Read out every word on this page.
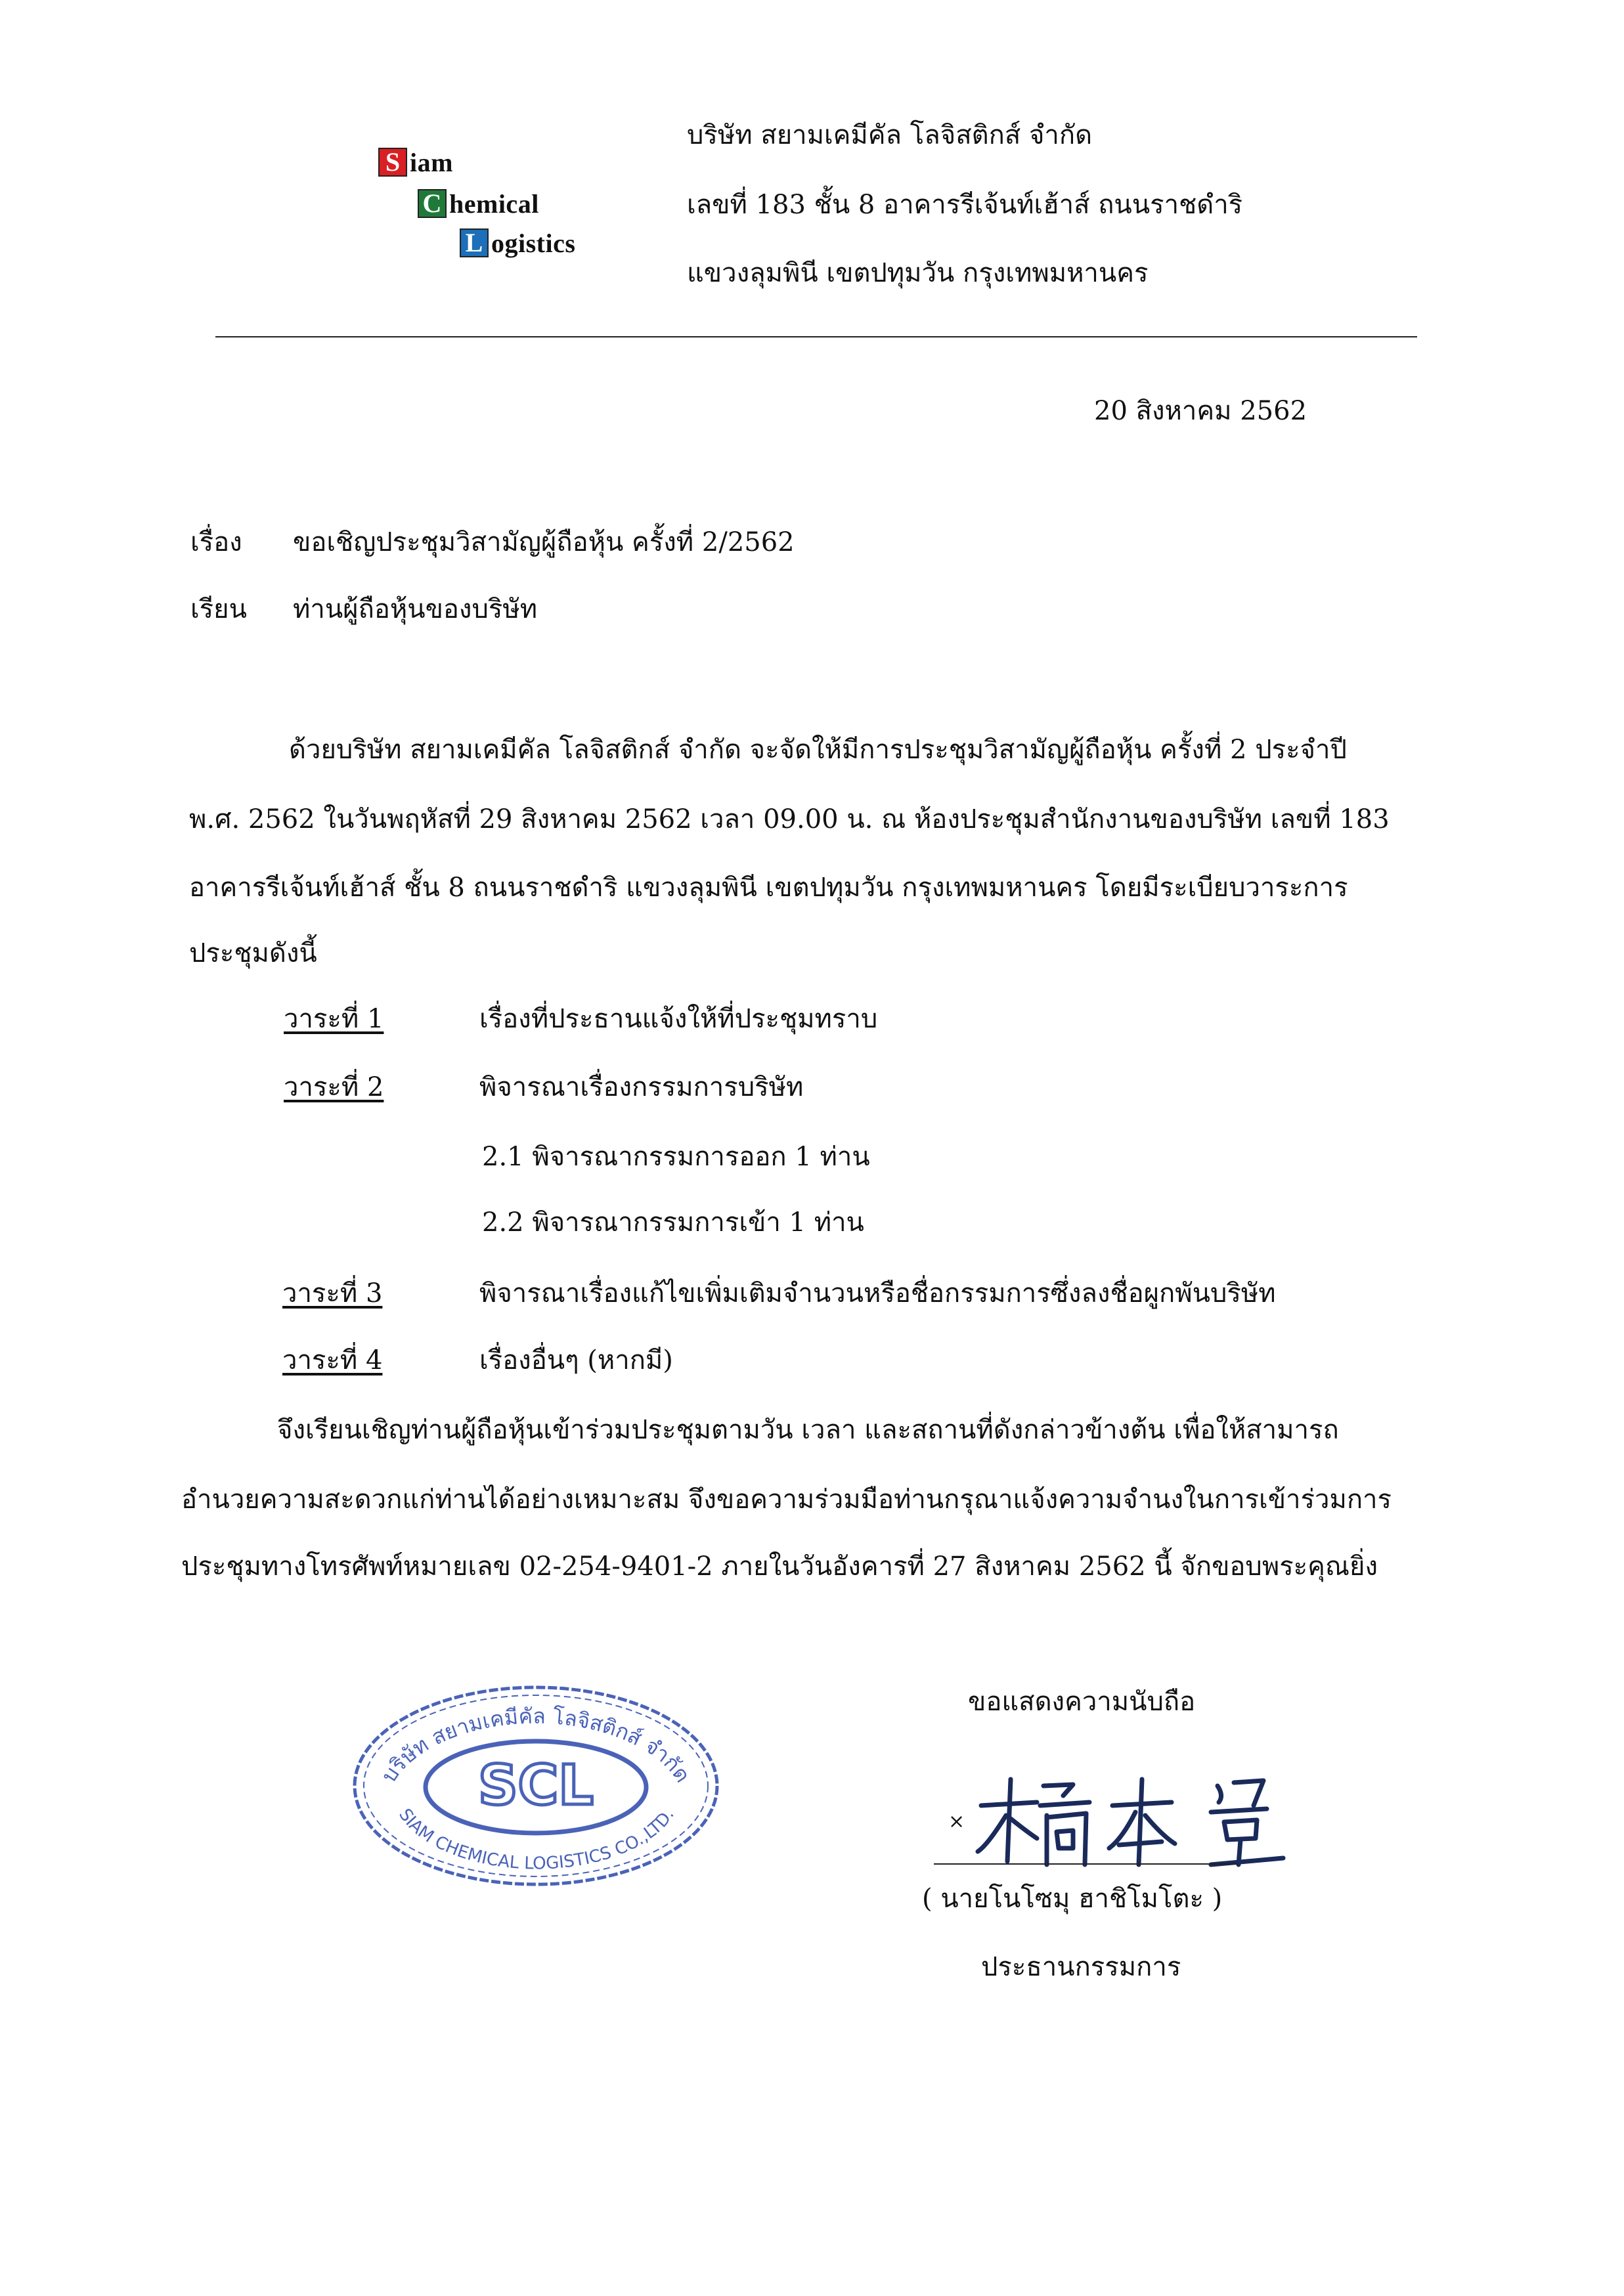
S iam
C hemical
L ogistics
บริษัท สยามเคมีคัล โลจิสติกส์ จำกัด
เลขที่ 183 ชั้น 8 อาคารรีเจ้นท์เฮ้าส์ ถนนราชดำริ
แขวงลุมพินี เขตปทุมวัน กรุงเทพมหานคร
20 สิงหาคม 2562
เรื่อง ขอเชิญประชุมวิสามัญผู้ถือหุ้น ครั้งที่ 2/2562
เรียน ท่านผู้ถือหุ้นของบริษัท
ด้วยบริษัท สยามเคมีคัล โลจิสติกส์ จำกัด จะจัดให้มีการประชุมวิสามัญผู้ถือหุ้น ครั้งที่ 2 ประจำปี
พ.ศ. 2562 ในวันพฤหัสที่ 29 สิงหาคม 2562 เวลา 09.00 น. ณ ห้องประชุมสำนักงานของบริษัท เลขที่ 183
อาคารรีเจ้นท์เฮ้าส์ ชั้น 8 ถนนราชดำริ แขวงลุมพินี เขตปทุมวัน กรุงเทพมหานคร โดยมีระเบียบวาระการ
ประชุมดังนี้
วาระที่ 1	เรื่องที่ประธานแจ้งให้ที่ประชุมทราบ
วาระที่ 2	พิจารณาเรื่องกรรมการบริษัท
2.1 พิจารณากรรมการออก 1 ท่าน
2.2 พิจารณากรรมการเข้า 1 ท่าน
วาระที่ 3	พิจารณาเรื่องแก้ไขเพิ่มเติมจำนวนหรือชื่อกรรมการซึ่งลงชื่อผูกพันบริษัท
วาระที่ 4	เรื่องอื่นๆ (หากมี)
จึงเรียนเชิญท่านผู้ถือหุ้นเข้าร่วมประชุมตามวัน เวลา และสถานที่ดังกล่าวข้างต้น เพื่อให้สามารถ
อำนวยความสะดวกแก่ท่านได้อย่างเหมาะสม จึงขอความร่วมมือท่านกรุณาแจ้งความจำนงในการเข้าร่วมการ
ประชุมทางโทรศัพท์หมายเลข 02-254-9401-2 ภายในวันอังคารที่ 27 สิงหาคม 2562 นี้ จักขอบพระคุณยิ่ง
ขอแสดงความนับถือ
บริษัท สยามเคมีคัล โลจิสติกส์ จำกัด
SIAM CHEMICAL LOGISTICS CO.,LTD.
SCL
×
( นายโนโซมุ ฮาชิโมโตะ )
ประธานกรรมการ
